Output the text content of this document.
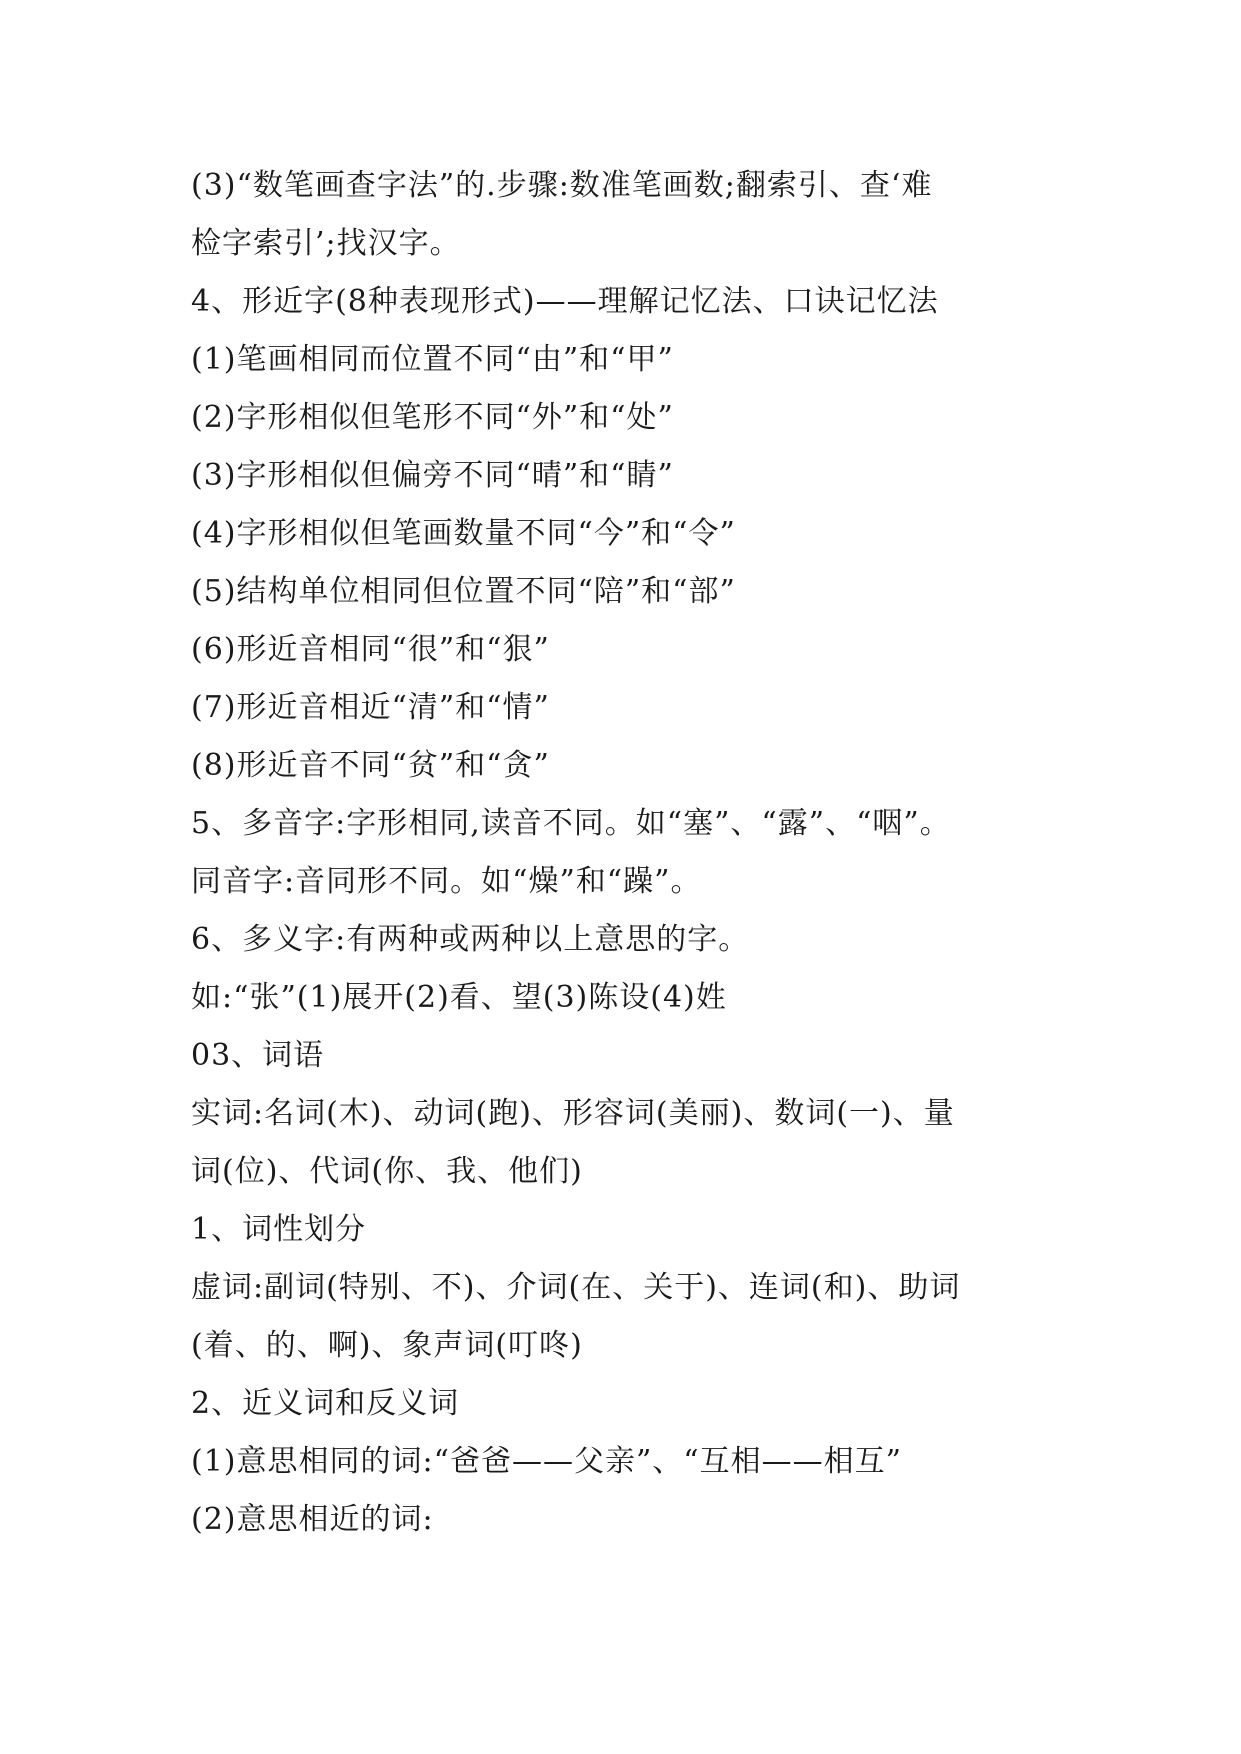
(3)“数笔画查字法”的.步骤:数准笔画数;翻索引、查‘难
检字索引’;找汉字。
4、形近字(8种表现形式)——理解记忆法、口诀记忆法
(1)笔画相同而位置不同“由”和“甲”
(2)字形相似但笔形不同“外”和“处”
(3)字形相似但偏旁不同“晴”和“睛”
(4)字形相似但笔画数量不同“今”和“令”
(5)结构单位相同但位置不同“陪”和“部”
(6)形近音相同“很”和“狠”
(7)形近音相近“清”和“情”
(8)形近音不同“贫”和“贪”
5、多音字:字形相同,读音不同。如“塞”、“露”、“咽”。
同音字:音同形不同。如“燥”和“躁”。
6、多义字:有两种或两种以上意思的字。
如:“张”(1)展开(2)看、望(3)陈设(4)姓
03、词语
实词:名词(木)、动词(跑)、形容词(美丽)、数词(一)、量
词(位)、代词(你、我、他们)
1、词性划分
虚词:副词(特别、不)、介词(在、关于)、连词(和)、助词
(着、的、啊)、象声词(叮咚)
2、近义词和反义词
(1)意思相同的词:“爸爸——父亲”、“互相——相互”
(2)意思相近的词:
